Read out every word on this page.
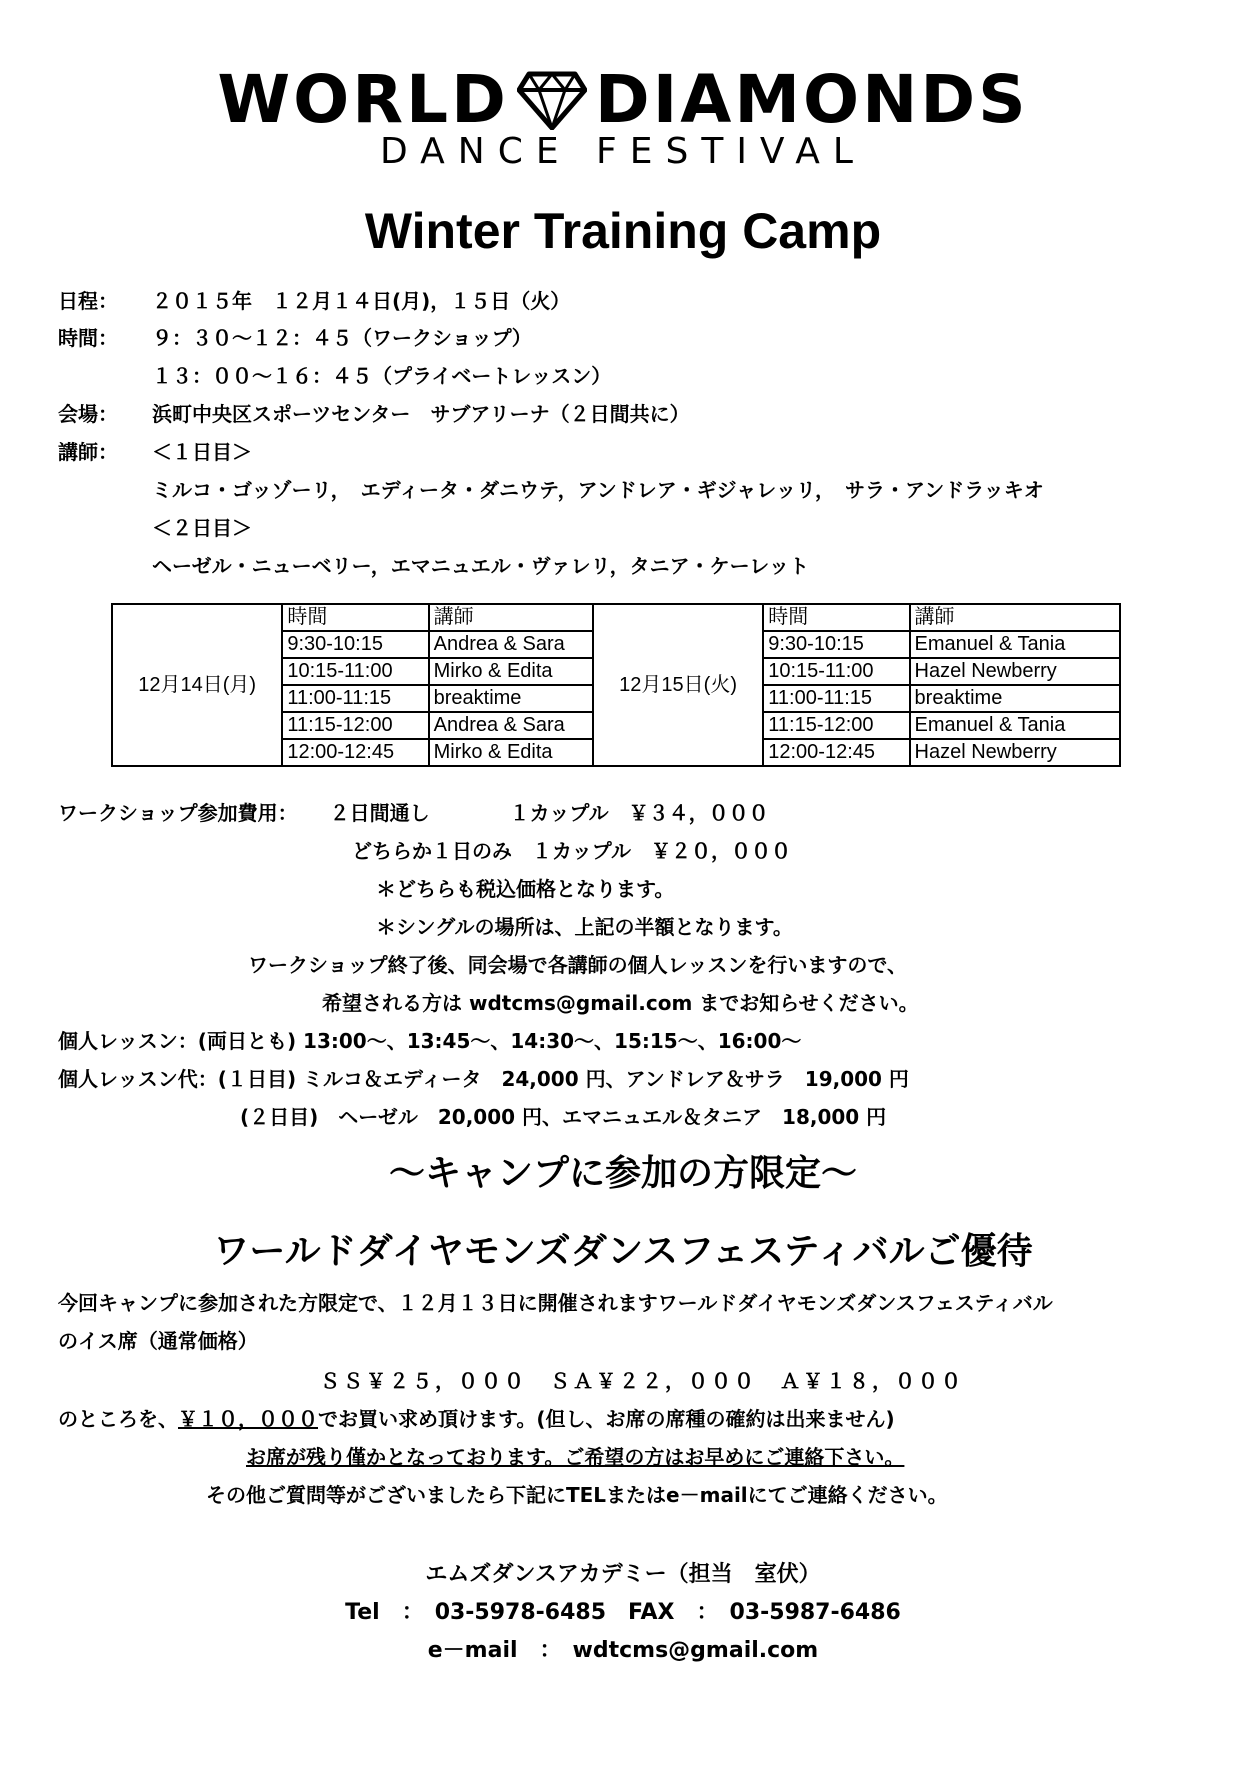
WORLD DIAMONDS
DANCE FESTIVAL
Winter Training Camp
日程： ２０１５年　１２月１４日(月)，１５日（火）
時間： ９：３０～１２：４５（ワークショップ）
１３：００～１６：４５（プライベートレッスン）
会場： 浜町中央区スポーツセンター　サブアリーナ（２日間共に）
講師： ＜１日目＞
ミルコ・ゴッゾーリ，　エディータ・ダニウテ，アンドレア・ギジャレッリ，　サラ・アンドラッキオ
＜２日目＞
ヘーゼル・ニューベリー，エマニュエル・ヴァレリ，タニア・ケーレット
12月14日(月)	時間	講師	12月15日(火)	時間	講師
	9:30-10:15	Andrea & Sara		9:30-10:15	Emanuel & Tania
	10:15-11:00	Mirko & Edita		10:15-11:00	Hazel Newberry
	11:00-11:15	breaktime		11:00-11:15	breaktime
	11:15-12:00	Andrea & Sara		11:15-12:00	Emanuel & Tania
	12:00-12:45	Mirko & Edita		12:00-12:45	Hazel Newberry
ワークショップ参加費用： ２日間通し　　　　１カップル　￥３４，０００
どちらか１日のみ　１カップル　￥２０，０００
＊どちらも税込価格となります。
＊シングルの場所は、上記の半額となります。
ワークショップ終了後、同会場で各講師の個人レッスンを行いますので、
希望される方は wdtcms@gmail.com までお知らせください。
個人レッスン：(両日とも) 13:00～、13:45～、14:30～、15:15～、16:00～
個人レッスン代：(１日目) ミルコ＆エディータ　24,000 円、アンドレア＆サラ　19,000 円
(２日目)　ヘーゼル　20,000 円、エマニュエル＆タニア　18,000 円
～キャンプに参加の方限定～
ワールドダイヤモンズダンスフェスティバルご優待
今回キャンプに参加された方限定で、１２月１３日に開催されますワールドダイヤモンズダンスフェスティバル
のイス席（通常価格）
ＳＳ￥２５，０００　ＳＡ￥２２，０００　Ａ￥１８，０００
のところを、￥１０，０００でお買い求め頂けます。(但し、お席の席種の確約は出来ません)
お席が残り僅かとなっております。ご希望の方はお早めにご連絡下さい。
その他ご質問等がございましたら下記にTELまたはe－mailにてご連絡ください。
エムズダンスアカデミー（担当　室伏）
Tel　：　03-5978-6485　FAX　：　03-5987-6486
e－mail　：　wdtcms@gmail.com
